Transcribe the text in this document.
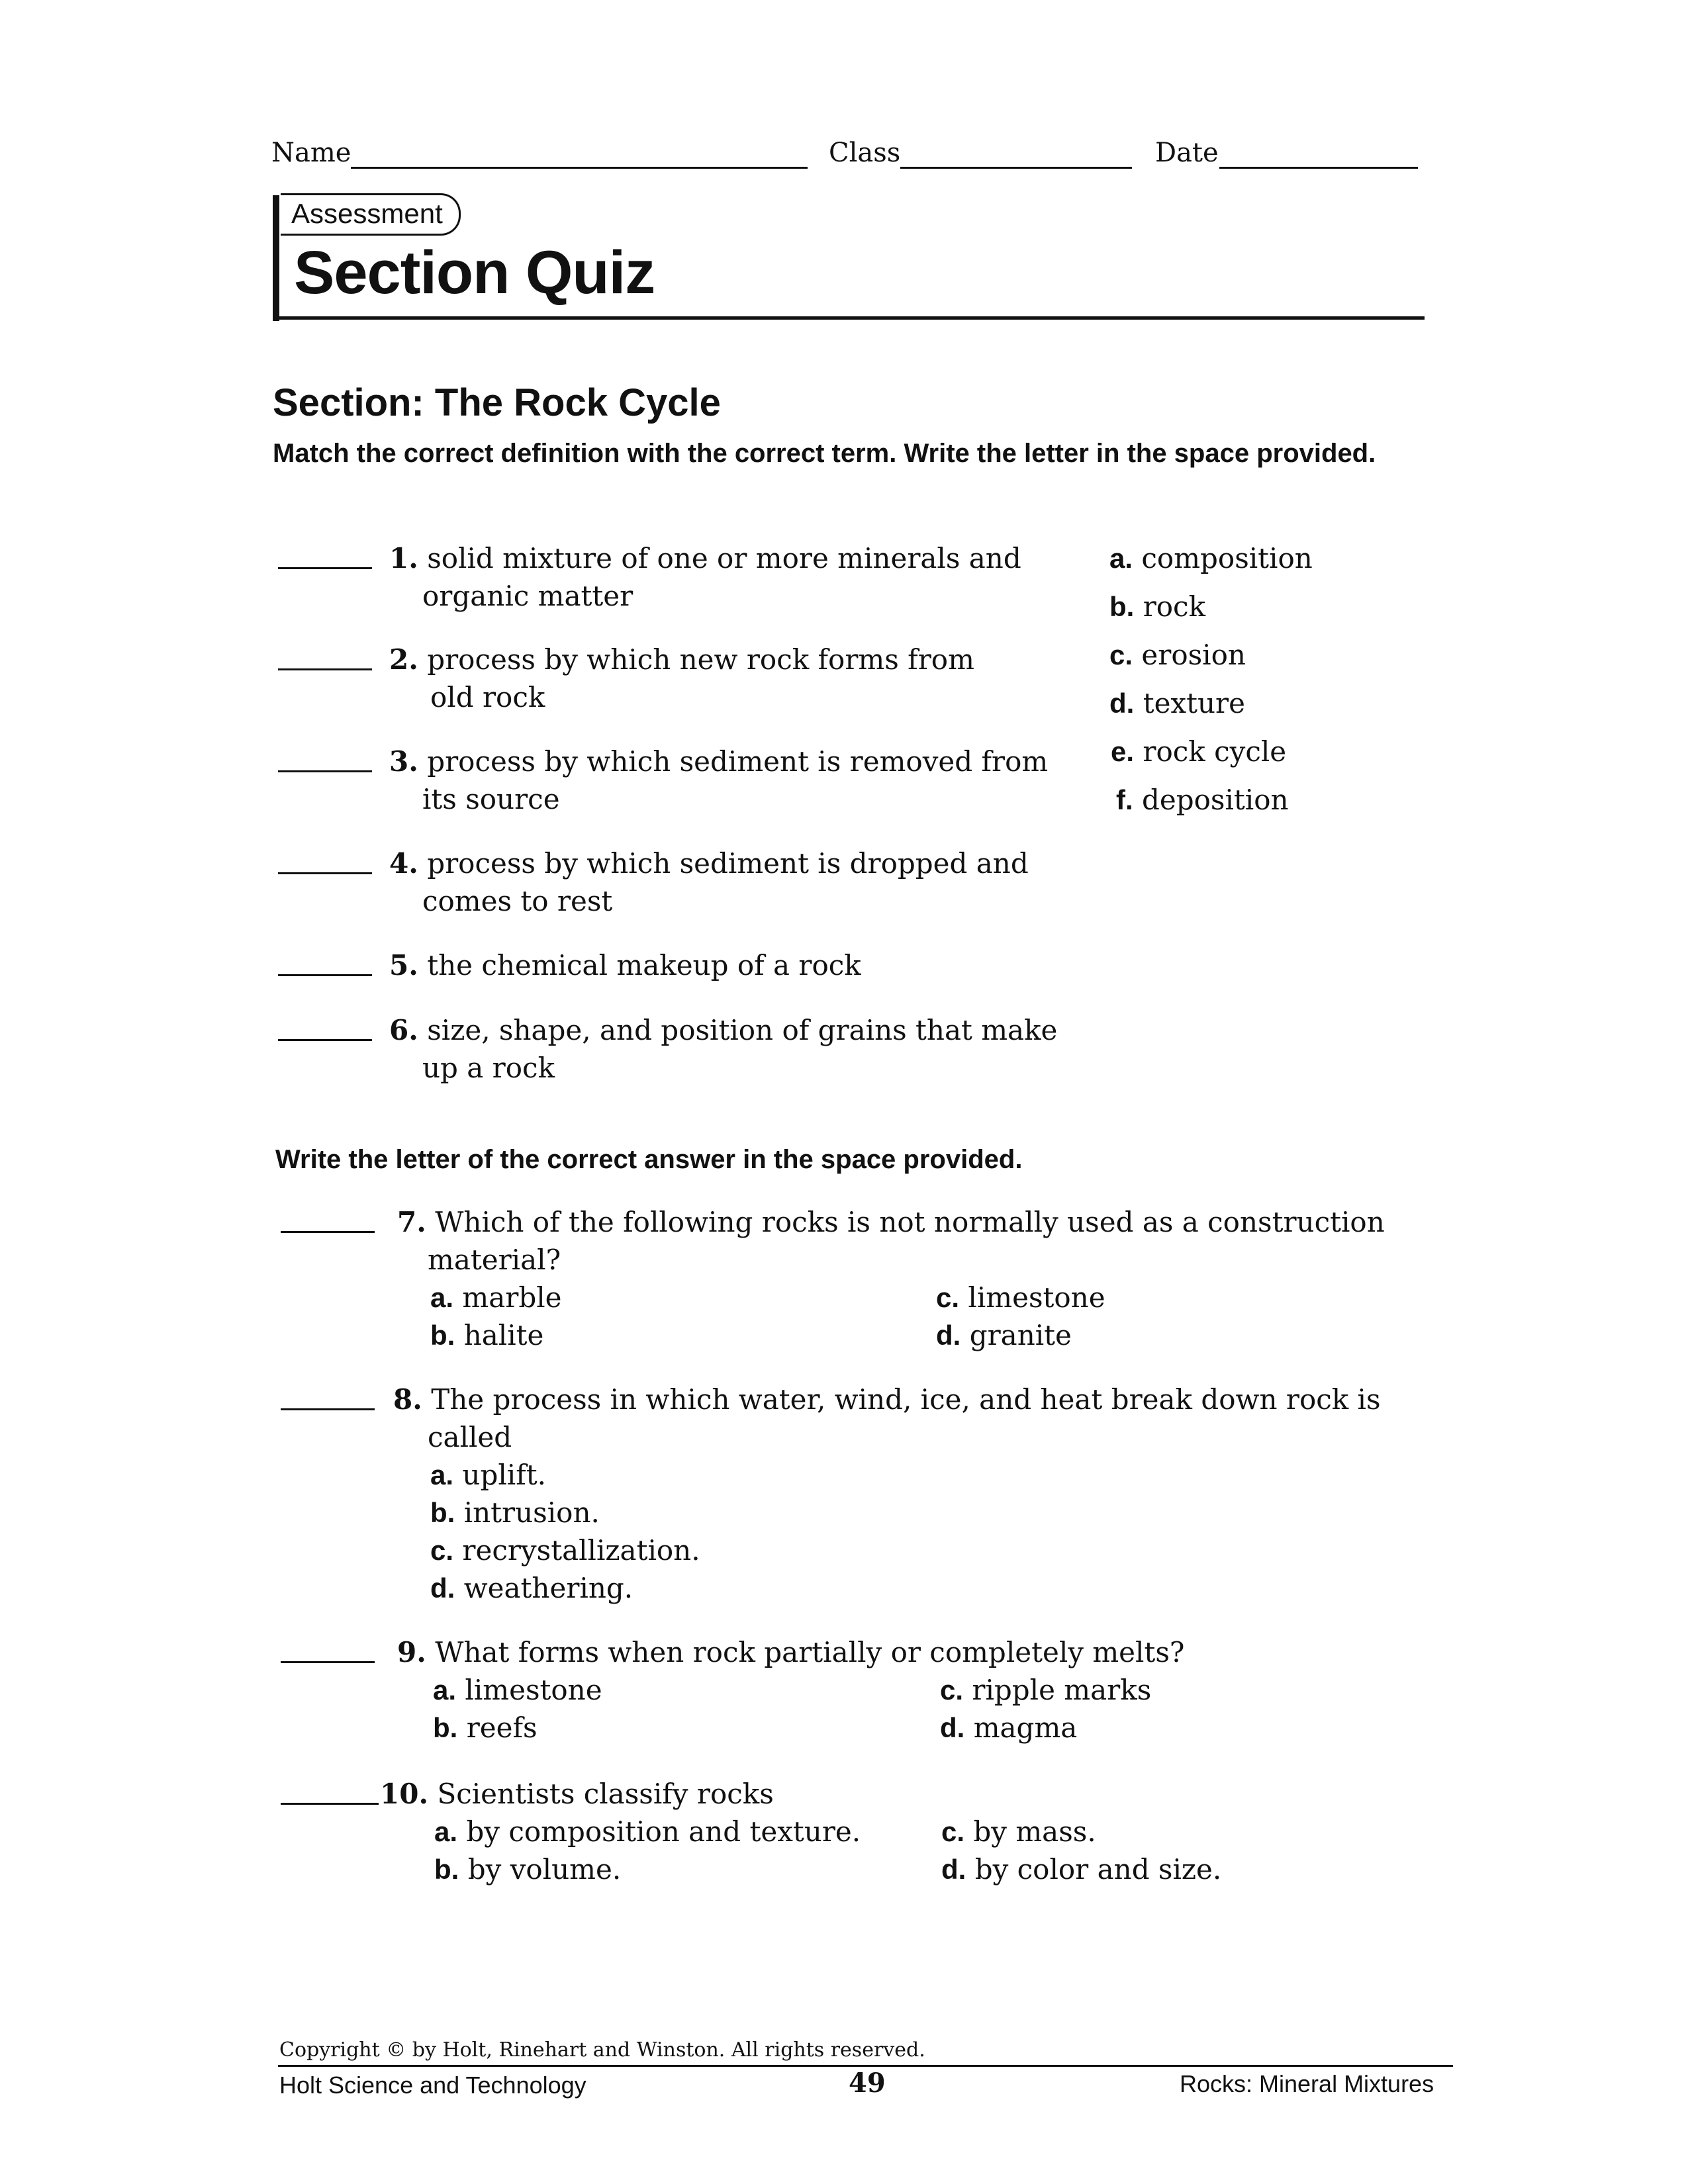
Name	Class	Date
Assessment
Section Quiz
Section: The Rock Cycle
Match the correct definition with the correct term. Write the letter in the space provided.
1. solid mixture of one or more minerals and
organic matter
2. process by which new rock forms from
old rock
3. process by which sediment is removed from
its source
4. process by which sediment is dropped and
comes to rest
5. the chemical makeup of a rock
6. size, shape, and position of grains that make
up a rock
a. composition
b. rock
c. erosion
d. texture
e. rock cycle
f. deposition
Write the letter of the correct answer in the space provided.
7. Which of the following rocks is not normally used as a construction
material?
a. marble
b. halite
c. limestone
d. granite
8. The process in which water, wind, ice, and heat break down rock is
called
a. uplift.
b. intrusion.
c. recrystallization.
d. weathering.
9. What forms when rock partially or completely melts?
a. limestone
b. reefs
c. ripple marks
d. magma
10. Scientists classify rocks
a. by composition and texture.
b. by volume.
c. by mass.
d. by color and size.
Copyright © by Holt, Rinehart and Winston. All rights reserved.
Holt Science and Technology	49	Rocks: Mineral Mixtures
